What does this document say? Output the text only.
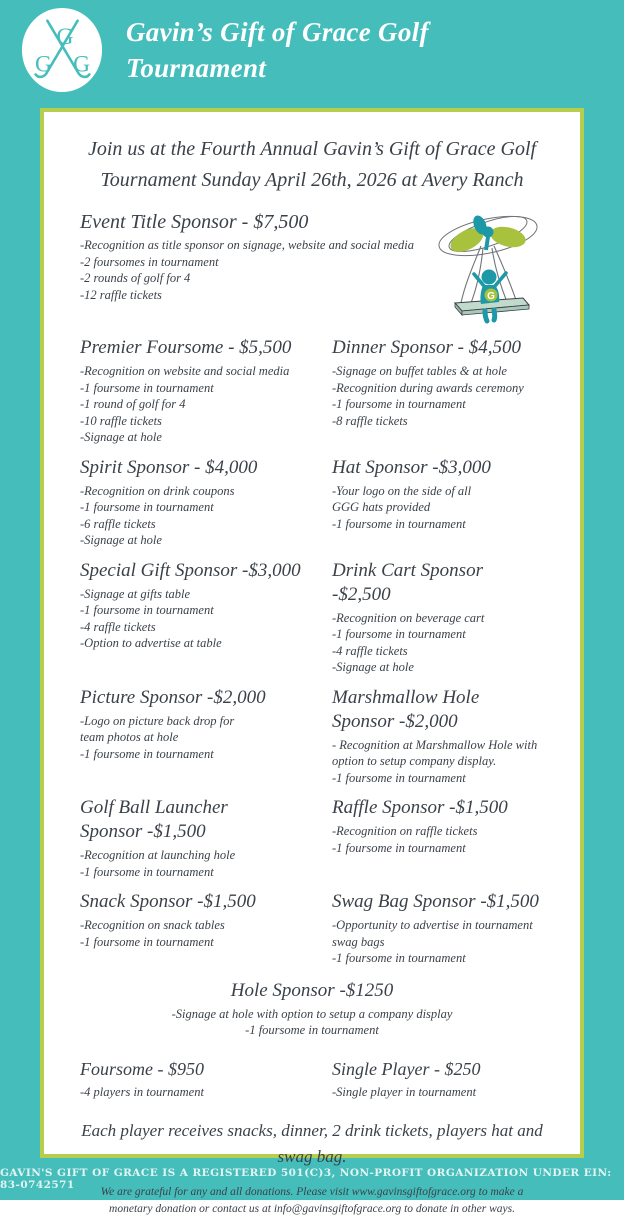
G
G G
Gavin’s Gift of Grace Golf
Tournament
Join us at the Fourth Annual Gavin’s Gift of Grace Golf
Tournament Sunday April 26th, 2026 at Avery Ranch
Event Title Sponsor - $7,500
-Recognition as title sponsor on signage, website and social media
-2 foursomes in tournament
-2 rounds of golf for 4
-12 raffle tickets	G
Premier Foursome - $5,500
-Recognition on website and social media
-1 foursome in tournament
-1 round of golf for 4
-10 raffle tickets
-Signage at hole
Dinner Sponsor - $4,500
-Signage on buffet tables & at hole
-Recognition during awards ceremony
-1 foursome in tournament
-8 raffle tickets
Spirit Sponsor - $4,000
-Recognition on drink coupons
-1 foursome in tournament
-6 raffle tickets
-Signage at hole
Hat Sponsor -$3,000
-Your logo on the side of all
GGG hats provided
-1 foursome in tournament
Special Gift Sponsor -$3,000
-Signage at gifts table
-1 foursome in tournament
-4 raffle tickets
-Option to advertise at table
Drink Cart Sponsor -$2,500
-Recognition on beverage cart
-1 foursome in tournament
-4 raffle tickets
-Signage at hole
Picture Sponsor -$2,000
-Logo on picture back drop for
team photos at hole
-1 foursome in tournament
Marshmallow Hole
Sponsor -$2,000
- Recognition at Marshmallow Hole with
option to setup company display.
-1 foursome in tournament
Golf Ball Launcher
Sponsor -$1,500
-Recognition at launching hole
-1 foursome in tournament
Raffle Sponsor -$1,500
-Recognition on raffle tickets
-1 foursome in tournament
Snack Sponsor -$1,500
-Recognition on snack tables
-1 foursome in tournament
Swag Bag Sponsor -$1,500
-Opportunity to advertise in tournament
swag bags
-1 foursome in tournament
Hole Sponsor -$1250
-Signage at hole with option to setup a company display
-1 foursome in tournament
Foursome - $950
-4 players in tournament
Single Player - $250
-Single player in tournament
Each player receives snacks, dinner, 2 drink tickets, players hat and swag bag.
We are grateful for any and all donations. Please visit www.gavinsgiftofgrace.org to make a monetary donation or contact us at info@gavinsgiftofgrace.org to donate in other ways.
GAVIN'S GIFT OF GRACE IS A REGISTERED 501(C)3, NON-PROFIT ORGANIZATION UNDER EIN: 83-0742571
